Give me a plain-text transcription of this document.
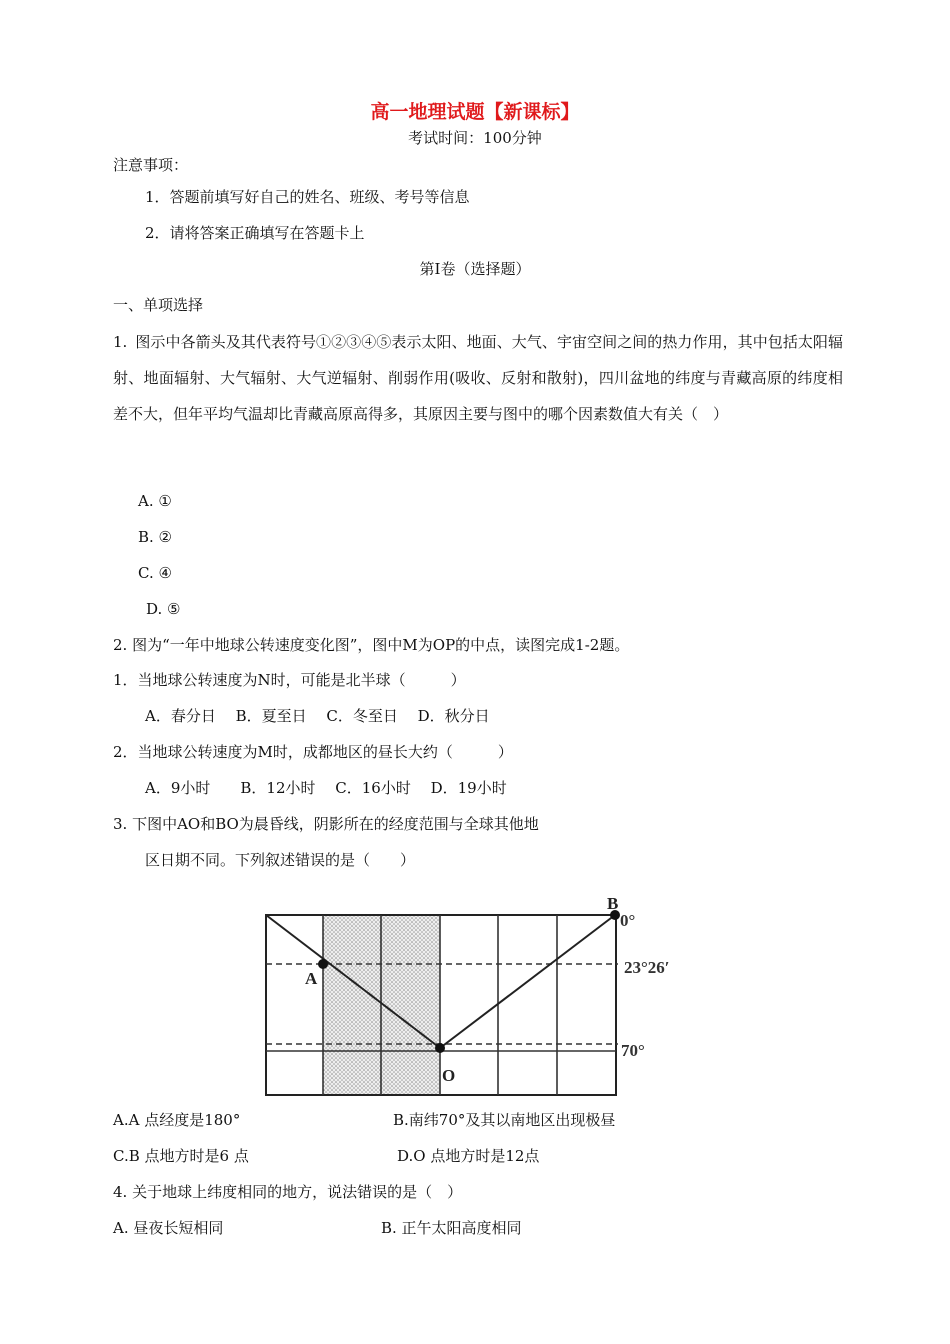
高一地理试题【新课标】
考试时间：100分钟
注意事项：
1．答题前填写好自己的姓名、班级、考号等信息
2．请将答案正确填写在答题卡上
第I卷（选择题）
一、单项选择
1. 图示中各箭头及其代表符号①②③④⑤表示太阳、地面、大气、宇宙空间之间的热力作用，其中包括太阳辐射、地面辐射、大气辐射、大气逆辐射、削弱作用(吸收、反射和散射)，四川盆地的纬度与青藏高原的纬度相差不大，但年平均气温却比青藏高原高得多，其原因主要与图中的哪个因素数值大有关（　）
A. ①
B. ②
C. ④
D. ⑤
2. 图为“一年中地球公转速度变化图”，图中M为OP的中点，读图完成1-2题。
1．当地球公转速度为N时，可能是北半球（　　　）
A．春分日　 B．夏至日　 C．冬至日　 D．秋分日
2．当地球公转速度为M时，成都地区的昼长大约（　　　）
A．9小时　　B．12小时　 C．16小时　 D．19小时
3. 下图中AO和BO为晨昏线，阴影所在的经度范围与全球其他地
区日期不同。下列叙述错误的是（　　）
A
O
B
0°
23°26′
70°
A.A 点经度是180°	B.南纬70°及其以南地区出现极昼
C.B 点地方时是6 点	D.O 点地方时是12点
4. 关于地球上纬度相同的地方，说法错误的是（　）
A. 昼夜长短相同	B. 正午太阳高度相同
